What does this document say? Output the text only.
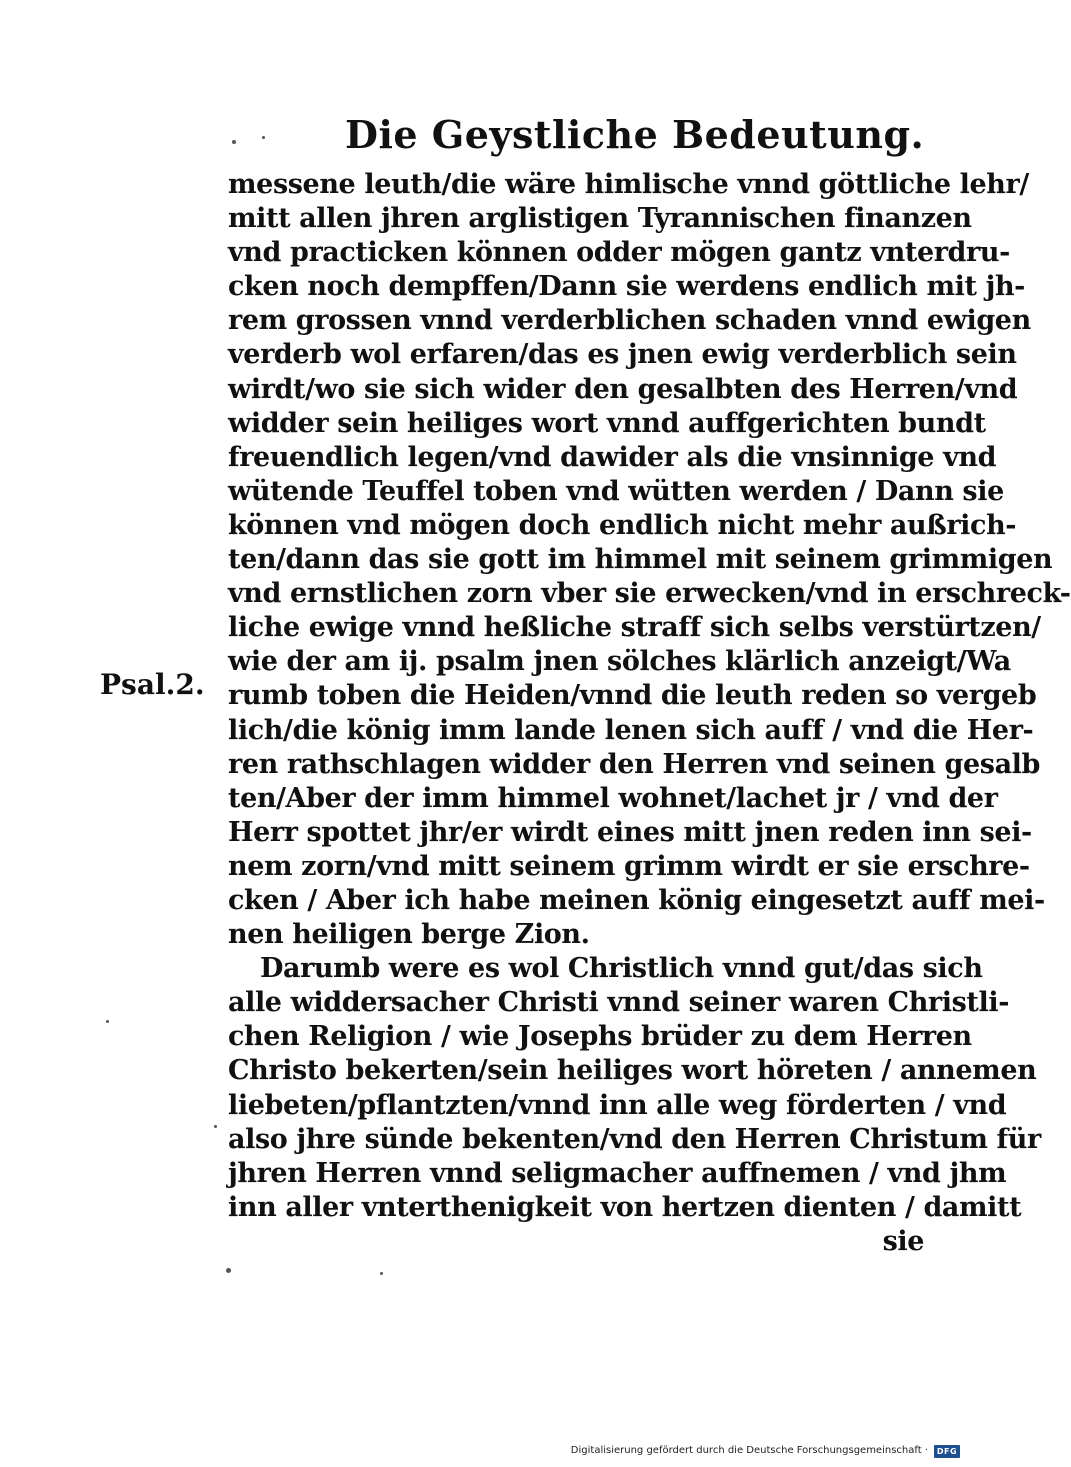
Die Geystliche Bedeutung.
Psal.2.
messene leuth/die wäre himlische vnnd göttliche lehr/
mitt allen jhren arglistigen Tyrannischen finanzen
vnd practicken können odder mögen gantz vnterdru-
cken noch dempffen/Dann sie werdens endlich mit jh-
rem grossen vnnd verderblichen schaden vnnd ewigen
verderb wol erfaren/das es jnen ewig verderblich sein
wirdt/wo sie sich wider den gesalbten des Herren/vnd
widder sein heiliges wort vnnd auffgerichten bundt
freuendlich legen/vnd dawider als die vnsinnige vnd
wütende Teuffel toben vnd wütten werden / Dann sie
können vnd mögen doch endlich nicht mehr außrich-
ten/dann das sie gott im himmel mit seinem grimmigen
vnd ernstlichen zorn vber sie erwecken/vnd in erschreck-
liche ewige vnnd heßliche straff sich selbs verstürtzen/
wie der am ij. psalm jnen sölches klärlich anzeigt/Wa
rumb toben die Heiden/vnnd die leuth reden so vergeb
lich/die könig imm lande lenen sich auff / vnd die Her-
ren rathschlagen widder den Herren vnd seinen gesalb
ten/Aber der imm himmel wohnet/lachet jr / vnd der
Herr spottet jhr/er wirdt eines mitt jnen reden inn sei-
nem zorn/vnd mitt seinem grimm wirdt er sie erschre-
cken / Aber ich habe meinen könig eingesetzt auff mei-
nen heiligen berge Zion.
Darumb were es wol Christlich vnnd gut/das sich
alle widdersacher Christi vnnd seiner waren Christli-
chen Religion / wie Josephs brüder zu dem Herren
Christo bekerten/sein heiliges wort höreten / annemen
liebeten/pflantzten/vnnd inn alle weg förderten / vnd
also jhre sünde bekenten/vnd den Herren Christum für
jhren Herren vnnd seligmacher auffnemen / vnd jhm
inn aller vnterthenigkeit von hertzen dienten / damitt
sie
Digitalisierung gefördert durch die Deutsche Forschungsgemeinschaft ·	DFG
